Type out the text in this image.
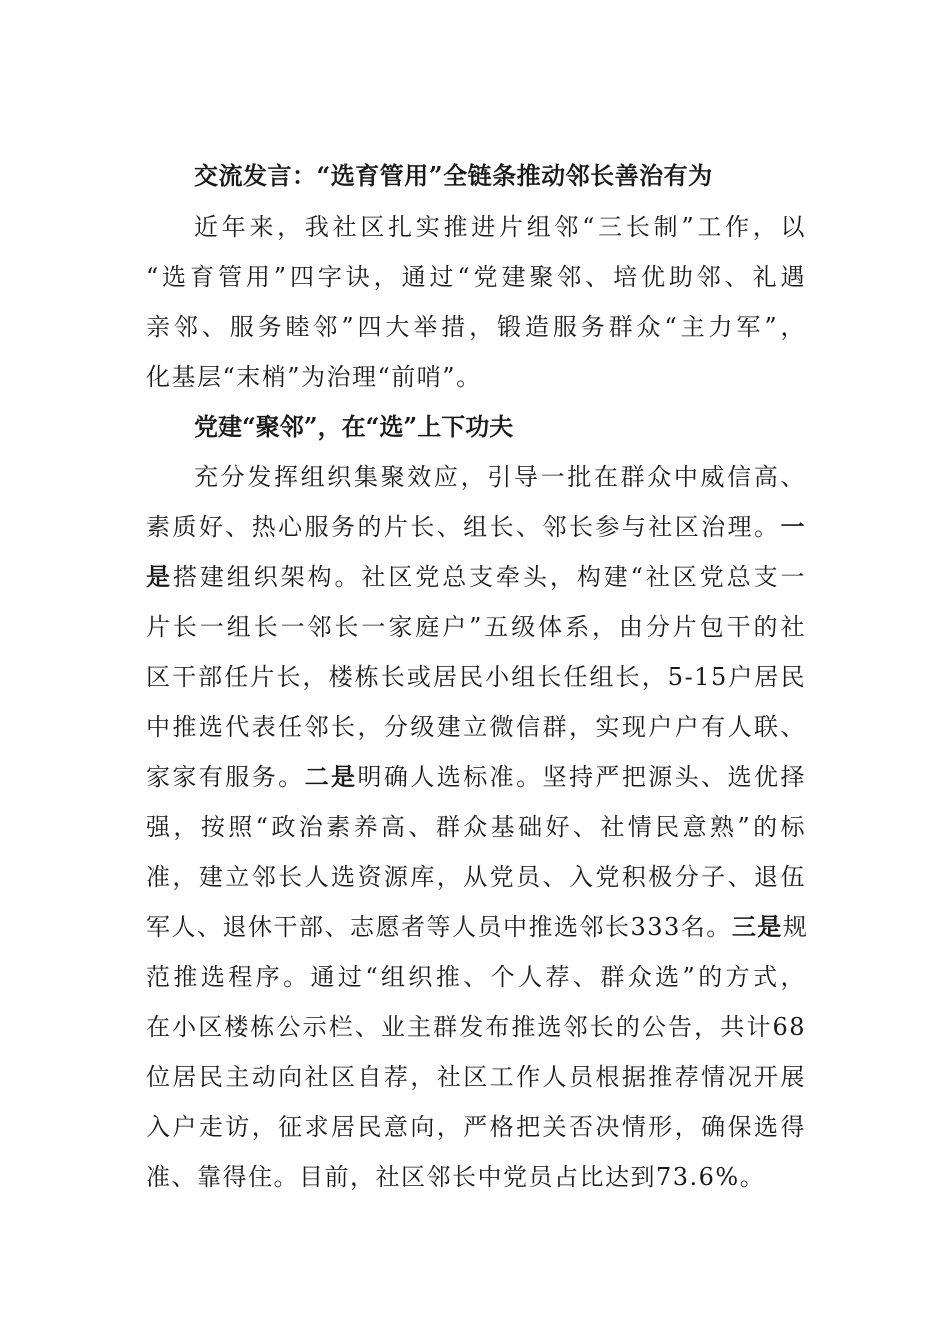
交流发言：“选育管用”全链条推动邻长善治有为
近年来，我社区扎实推进片组邻“三长制”工作，以
“选育管用”四字诀，通过“党建聚邻、培优助邻、礼遇
亲邻、服务睦邻”四大举措，锻造服务群众“主力军”，
化基层“末梢”为治理“前哨”。
党建“聚邻”，在“选”上下功夫
充分发挥组织集聚效应，引导一批在群众中威信高、
素质好、热心服务的片长、组长、邻长参与社区治理。一
是搭建组织架构。社区党总支牵头，构建“社区党总支一
片长一组长一邻长一家庭户”五级体系，由分片包干的社
区干部任片长，楼栋长或居民小组长任组长，5-15户居民
中推选代表任邻长，分级建立微信群，实现户户有人联、
家家有服务。二是明确人选标准。坚持严把源头、选优择
强，按照“政治素养高、群众基础好、社情民意熟”的标
准，建立邻长人选资源库，从党员、入党积极分子、退伍
军人、退休干部、志愿者等人员中推选邻长333名。三是规
范推选程序。通过“组织推、个人荐、群众选”的方式，
在小区楼栋公示栏、业主群发布推选邻长的公告，共计68
位居民主动向社区自荐，社区工作人员根据推荐情况开展
入户走访，征求居民意向，严格把关否决情形，确保选得
准、靠得住。目前，社区邻长中党员占比达到73.6%。
